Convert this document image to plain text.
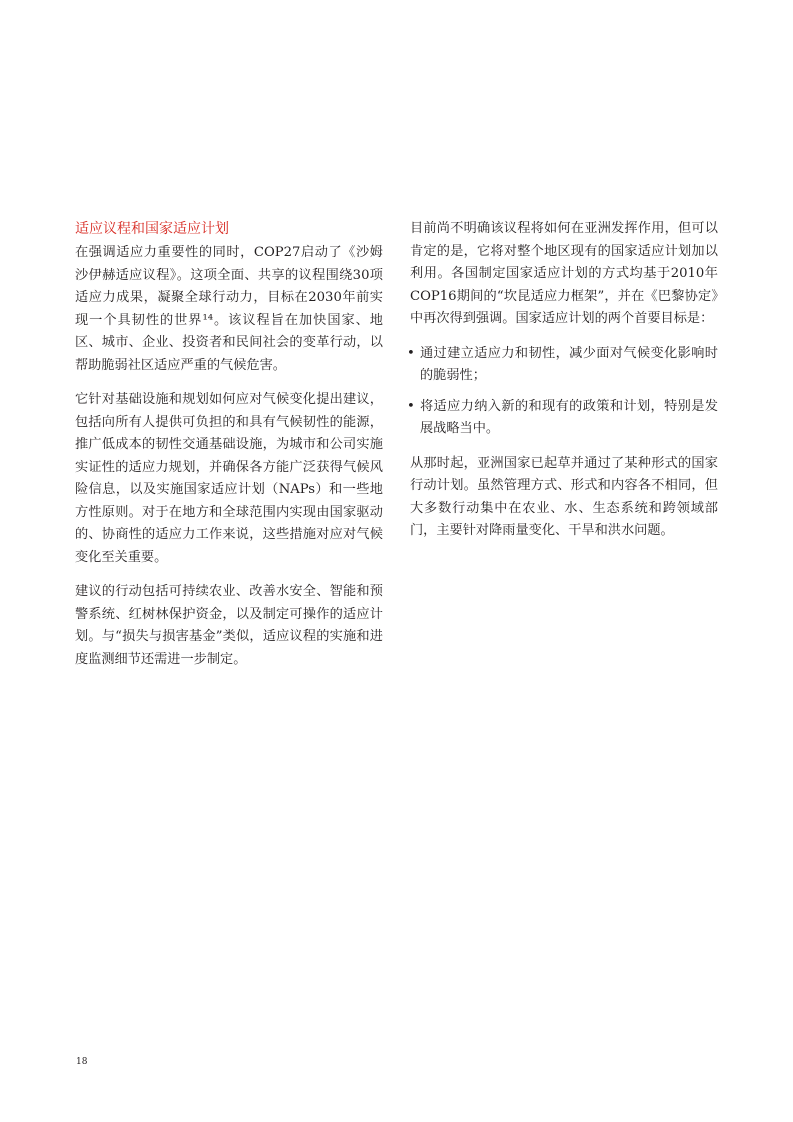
适应议程和国家适应计划

在强调适应力重要性的同时，COP27启动了《沙姆沙伊赫适应议程》。这项全面、共享的议程围绕30项适应力成果，凝聚全球行动力，目标在2030年前实现一个具韧性的世界¹⁴。该议程旨在加快国家、地区、城市、企业、投资者和民间社会的变革行动，以帮助脆弱社区适应严重的气候危害。

它针对基础设施和规划如何应对气候变化提出建议，包括向所有人提供可负担的和具有气候韧性的能源，推广低成本的韧性交通基础设施，为城市和公司实施实证性的适应力规划，并确保各方能广泛获得气候风险信息，以及实施国家适应计划（NAPs）和一些地方性原则。对于在地方和全球范围内实现由国家驱动的、协商性的适应力工作来说，这些措施对应对气候变化至关重要。

建议的行动包括可持续农业、改善水安全、智能和预警系统、红树林保护资金，以及制定可操作的适应计划。与“损失与损害基金”类似，适应议程的实施和进度监测细节还需进一步制定。

目前尚不明确该议程将如何在亚洲发挥作用，但可以肯定的是，它将对整个地区现有的国家适应计划加以利用。各国制定国家适应计划的方式均基于2010年COP16期间的“坎昆适应力框架”，并在《巴黎协定》中再次得到强调。国家适应计划的两个首要目标是：

• 通过建立适应力和韧性，减少面对气候变化影响时的脆弱性；
• 将适应力纳入新的和现有的政策和计划，特别是发展战略当中。

从那时起，亚洲国家已起草并通过了某种形式的国家行动计划。虽然管理方式、形式和内容各不相同，但大多数行动集中在农业、水、生态系统和跨领域部门，主要针对降雨量变化、干旱和洪水问题。

18
